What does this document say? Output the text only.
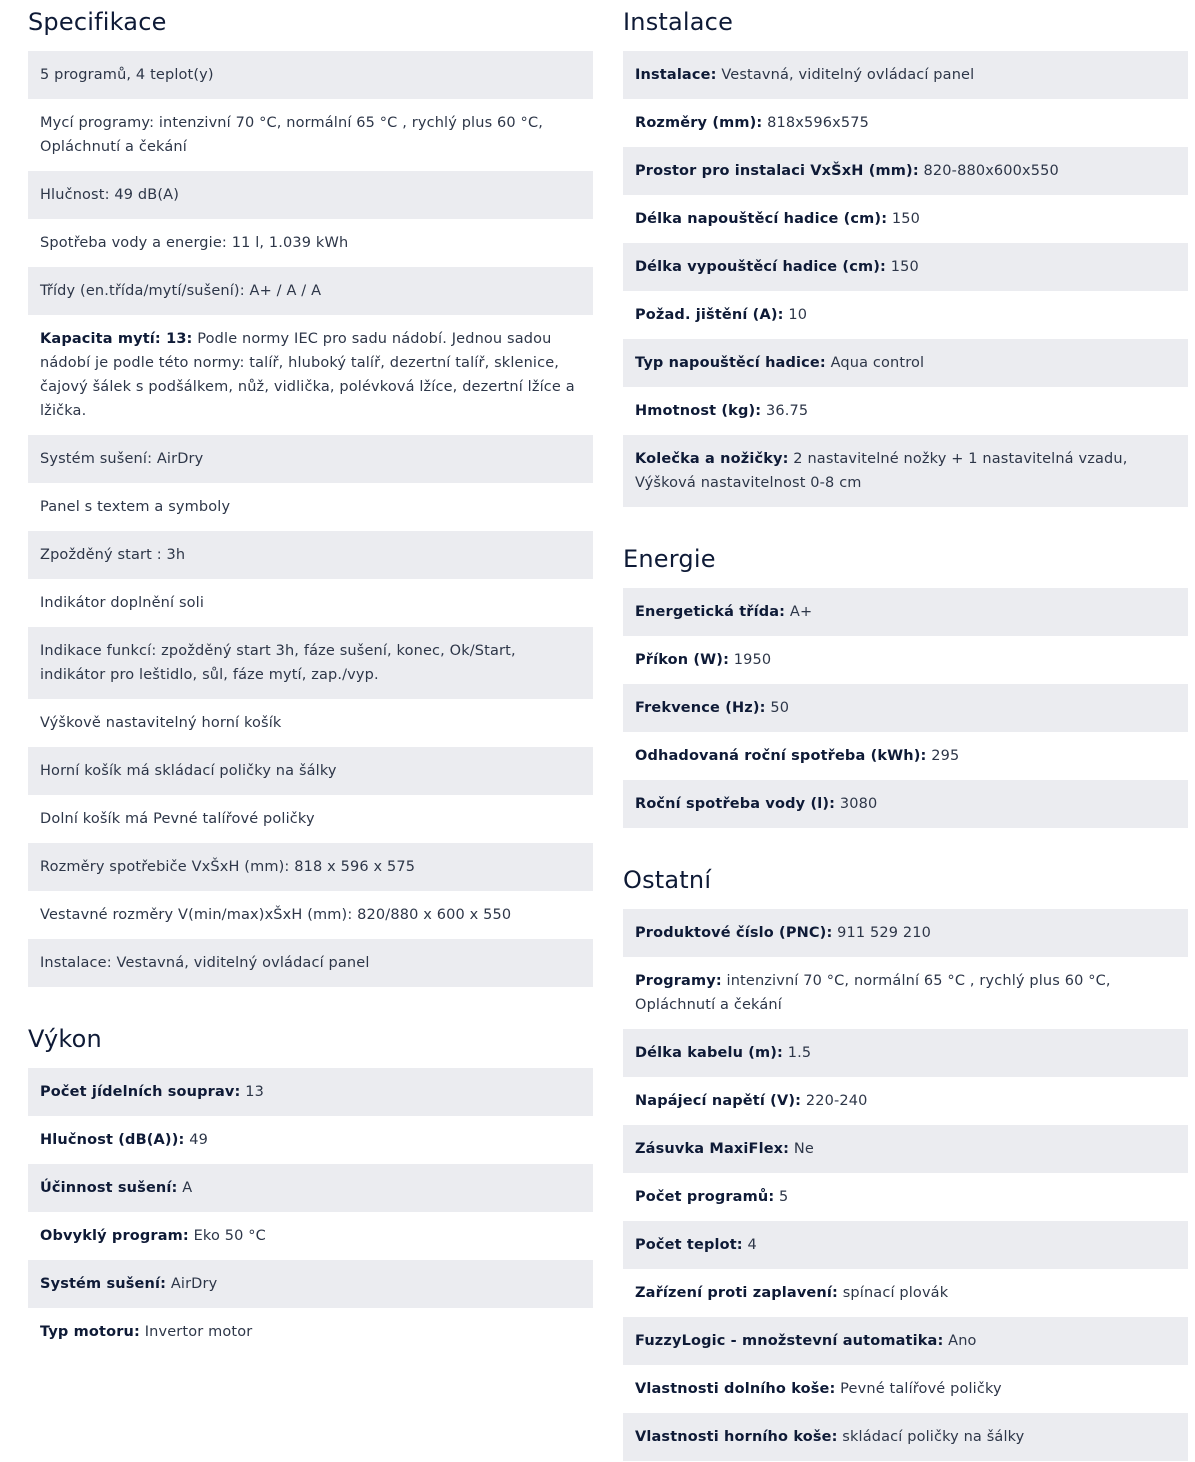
Specifikace
5 programů, 4 teplot(y)
Mycí programy: intenzivní 70 °C, normální 65 °C , rychlý plus 60 °C, Opláchnutí a čekání
Hlučnost: 49 dB(A)
Spotřeba vody a energie: 11 l, 1.039 kWh
Třídy (en.třída/mytí/sušení): A+ / A / A
Kapacita mytí: 13: Podle normy IEC pro sadu nádobí. Jednou sadou nádobí je podle této normy: talíř, hluboký talíř, dezertní talíř, sklenice, čajový šálek s podšálkem, nůž, vidlička, polévková lžíce, dezertní lžíce a lžička.
Systém sušení: AirDry
Panel s textem a symboly
Zpožděný start : 3h
Indikátor doplnění soli
Indikace funkcí: zpožděný start 3h, fáze sušení, konec, Ok/Start, indikátor pro leštidlo, sůl, fáze mytí, zap./vyp.
Výškově nastavitelný horní košík
Horní košík má skládací poličky na šálky
Dolní košík má Pevné talířové poličky
Rozměry spotřebiče VxŠxH (mm): 818 x 596 x 575
Vestavné rozměry V(min/max)xŠxH (mm): 820/880 x 600 x 550
Instalace: Vestavná, viditelný ovládací panel
Výkon
Počet jídelních souprav: 13
Hlučnost (dB(A)): 49
Účinnost sušení: A
Obvyklý program: Eko 50 °C
Systém sušení: AirDry
Typ motoru: Invertor motor
Instalace
Instalace: Vestavná, viditelný ovládací panel
Rozměry (mm): 818x596x575
Prostor pro instalaci VxŠxH (mm): 820-880x600x550
Délka napouštěcí hadice (cm): 150
Délka vypouštěcí hadice (cm): 150
Požad. jištění (A): 10
Typ napouštěcí hadice: Aqua control
Hmotnost (kg): 36.75
Kolečka a nožičky: 2 nastavitelné nožky + 1 nastavitelná vzadu, Výšková nastavitelnost 0-8 cm
Energie
Energetická třída: A+
Příkon (W): 1950
Frekvence (Hz): 50
Odhadovaná roční spotřeba (kWh): 295
Roční spotřeba vody (l): 3080
Ostatní
Produktové číslo (PNC): 911 529 210
Programy: intenzivní 70 °C, normální 65 °C , rychlý plus 60 °C, Opláchnutí a čekání
Délka kabelu (m): 1.5
Napájecí napětí (V): 220-240
Zásuvka MaxiFlex: Ne
Počet programů: 5
Počet teplot: 4
Zařízení proti zaplavení: spínací plovák
FuzzyLogic - množstevní automatika: Ano
Vlastnosti dolního koše: Pevné talířové poličky
Vlastnosti horního koše: skládací poličky na šálky
